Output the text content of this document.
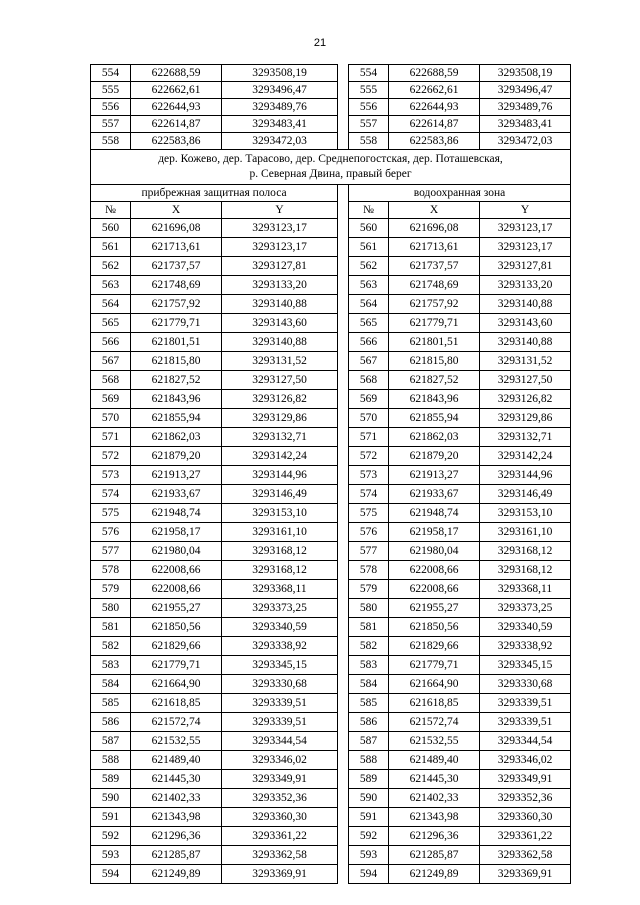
21
554	622688,59	3293508,19		554	622688,59	3293508,19
555	622662,61	3293496,47		555	622662,61	3293496,47
556	622644,93	3293489,76		556	622644,93	3293489,76
557	622614,87	3293483,41		557	622614,87	3293483,41
558	622583,86	3293472,03		558	622583,86	3293472,03
дер. Кожево, дер. Тарасово, дер. Среднепогостская, дер. Поташевская,
р. Северная Двина, правый берег						
прибрежная защитная полоса				водоохранная зона		
№	X	Y		№	X	Y
560	621696,08	3293123,17		560	621696,08	3293123,17
561	621713,61	3293123,17		561	621713,61	3293123,17
562	621737,57	3293127,81		562	621737,57	3293127,81
563	621748,69	3293133,20		563	621748,69	3293133,20
564	621757,92	3293140,88		564	621757,92	3293140,88
565	621779,71	3293143,60		565	621779,71	3293143,60
566	621801,51	3293140,88		566	621801,51	3293140,88
567	621815,80	3293131,52		567	621815,80	3293131,52
568	621827,52	3293127,50		568	621827,52	3293127,50
569	621843,96	3293126,82		569	621843,96	3293126,82
570	621855,94	3293129,86		570	621855,94	3293129,86
571	621862,03	3293132,71		571	621862,03	3293132,71
572	621879,20	3293142,24		572	621879,20	3293142,24
573	621913,27	3293144,96		573	621913,27	3293144,96
574	621933,67	3293146,49		574	621933,67	3293146,49
575	621948,74	3293153,10		575	621948,74	3293153,10
576	621958,17	3293161,10		576	621958,17	3293161,10
577	621980,04	3293168,12		577	621980,04	3293168,12
578	622008,66	3293168,12		578	622008,66	3293168,12
579	622008,66	3293368,11		579	622008,66	3293368,11
580	621955,27	3293373,25		580	621955,27	3293373,25
581	621850,56	3293340,59		581	621850,56	3293340,59
582	621829,66	3293338,92		582	621829,66	3293338,92
583	621779,71	3293345,15		583	621779,71	3293345,15
584	621664,90	3293330,68		584	621664,90	3293330,68
585	621618,85	3293339,51		585	621618,85	3293339,51
586	621572,74	3293339,51		586	621572,74	3293339,51
587	621532,55	3293344,54		587	621532,55	3293344,54
588	621489,40	3293346,02		588	621489,40	3293346,02
589	621445,30	3293349,91		589	621445,30	3293349,91
590	621402,33	3293352,36		590	621402,33	3293352,36
591	621343,98	3293360,30		591	621343,98	3293360,30
592	621296,36	3293361,22		592	621296,36	3293361,22
593	621285,87	3293362,58		593	621285,87	3293362,58
594	621249,89	3293369,91		594	621249,89	3293369,91
